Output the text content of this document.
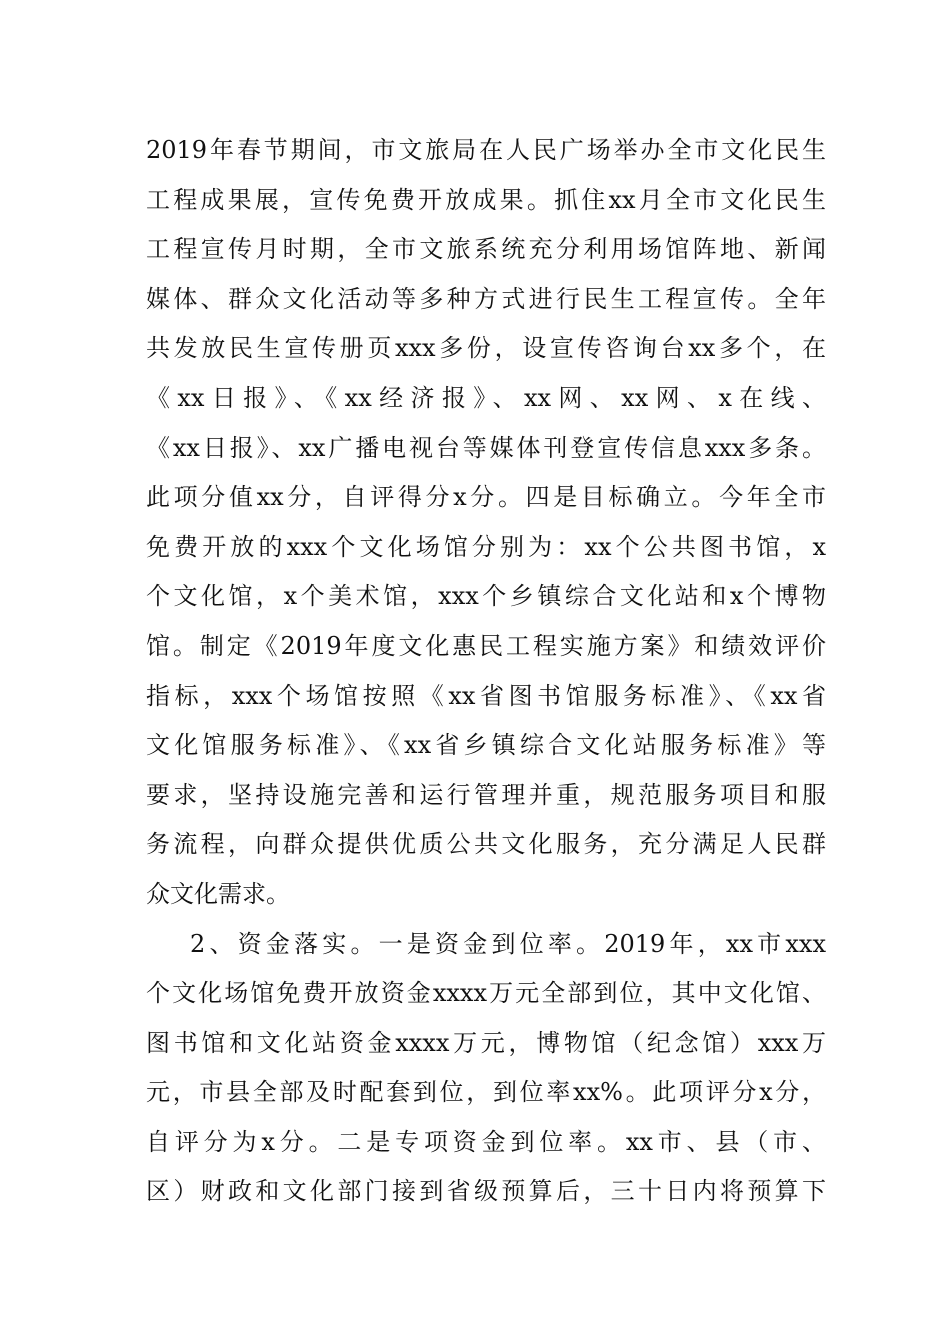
2019年春节期间，市文旅局在人民广场举办全市文化民生
工程成果展，宣传免费开放成果。抓住xx月全市文化民生
工程宣传月时期，全市文旅系统充分利用场馆阵地、新闻
媒体、群众文化活动等多种方式进行民生工程宣传。全年
共发放民生宣传册页xxx多份，设宣传咨询台xx多个，在
《xx日报》、《xx经济报》、xx网、xx网、x在线、
《xx日报》、xx广播电视台等媒体刊登宣传信息xxx多条。
此项分值xx分，自评得分x分。四是目标确立。今年全市
免费开放的xxx个文化场馆分别为：xx个公共图书馆，x
个文化馆，x个美术馆，xxx个乡镇综合文化站和x个博物
馆。制定《2019年度文化惠民工程实施方案》和绩效评价
指标，xxx个场馆按照《xx省图书馆服务标准》、《xx省
文化馆服务标准》、《xx省乡镇综合文化站服务标准》等
要求，坚持设施完善和运行管理并重，规范服务项目和服
务流程，向群众提供优质公共文化服务，充分满足人民群
众文化需求。
2、资金落实。一是资金到位率。2019年，xx市xxx
个文化场馆免费开放资金xxxx万元全部到位，其中文化馆、
图书馆和文化站资金xxxx万元，博物馆（纪念馆）xxx万
元，市县全部及时配套到位，到位率xx%。此项评分x分，
自评分为x分。二是专项资金到位率。xx市、县（市、
区）财政和文化部门接到省级预算后，三十日内将预算下
